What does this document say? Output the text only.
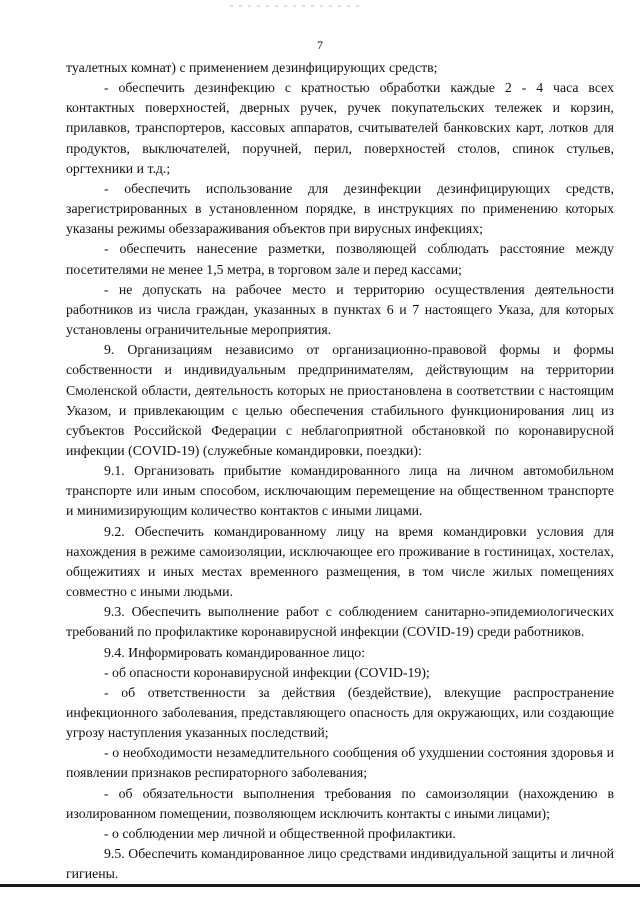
7

туалетных комнат) с применением дезинфицирующих средств;

- обеспечить дезинфекцию с кратностью обработки каждые 2 - 4 часа всех контактных поверхностей, дверных ручек, ручек покупательских тележек и корзин, прилавков, транспортеров, кассовых аппаратов, считывателей банковских карт, лотков для продуктов, выключателей, поручней, перил, поверхностей столов, спинок стульев, оргтехники и т.д.;

- обеспечить использование для дезинфекции дезинфицирующих средств, зарегистрированных в установленном порядке, в инструкциях по применению которых указаны режимы обеззараживания объектов при вирусных инфекциях;

- обеспечить нанесение разметки, позволяющей соблюдать расстояние между посетителями не менее 1,5 метра, в торговом зале и перед кассами;

- не допускать на рабочее место и территорию осуществления деятельности работников из числа граждан, указанных в пунктах 6 и 7 настоящего Указа, для которых установлены ограничительные мероприятия.

9. Организациям независимо от организационно-правовой формы и формы собственности и индивидуальным предпринимателям, действующим на территории Смоленской области, деятельность которых не приостановлена в соответствии с настоящим Указом, и привлекающим с целью обеспечения стабильного функционирования лиц из субъектов Российской Федерации с неблагоприятной обстановкой по коронавирусной инфекции (COVID-19) (служебные командировки, поездки):

9.1. Организовать прибытие командированного лица на личном автомобильном транспорте или иным способом, исключающим перемещение на общественном транспорте и минимизирующим количество контактов с иными лицами.

9.2. Обеспечить командированному лицу на время командировки условия для нахождения в режиме самоизоляции, исключающее его проживание в гостиницах, хостелах, общежитиях и иных местах временного размещения, в том числе жилых помещениях совместно с иными людьми.

9.3. Обеспечить выполнение работ с соблюдением санитарно-эпидемиологических требований по профилактике коронавирусной инфекции (COVID-19) среди работников.

9.4. Информировать командированное лицо:

- об опасности коронавирусной инфекции (COVID-19);

- об ответственности за действия (бездействие), влекущие распространение инфекционного заболевания, представляющего опасность для окружающих, или создающие угрозу наступления указанных последствий;

- о необходимости незамедлительного сообщения об ухудшении состояния здоровья и появлении признаков респираторного заболевания;

- об обязательности выполнения требования по самоизоляции (нахождению в изолированном помещении, позволяющем исключить контакты с иными лицами);

- о соблюдении мер личной и общественной профилактики.

9.5. Обеспечить командированное лицо средствами индивидуальной защиты и личной гигиены.
